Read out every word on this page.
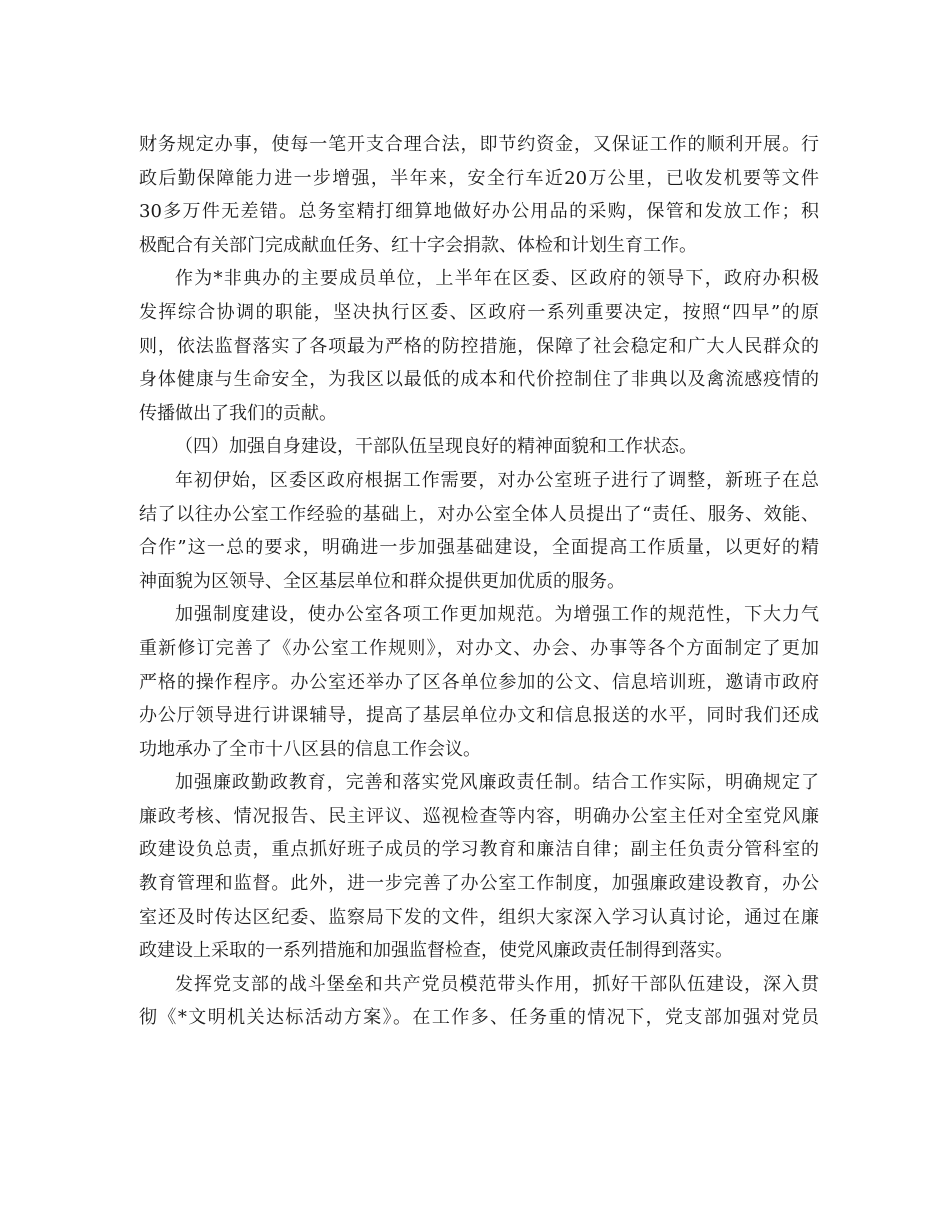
财务规定办事，使每一笔开支合理合法，即节约资金，又保证工作的顺利开展。行
政后勤保障能力进一步增强，半年来，安全行车近20万公里，已收发机要等文件
30多万件无差错。总务室精打细算地做好办公用品的采购，保管和发放工作；积
极配合有关部门完成献血任务、红十字会捐款、体检和计划生育工作。
作为*非典办的主要成员单位，上半年在区委、区政府的领导下，政府办积极
发挥综合协调的职能，坚决执行区委、区政府一系列重要决定，按照“四早”的原
则，依法监督落实了各项最为严格的防控措施，保障了社会稳定和广大人民群众的
身体健康与生命安全，为我区以最低的成本和代价控制住了非典以及禽流感疫情的
传播做出了我们的贡献。
（四）加强自身建设，干部队伍呈现良好的精神面貌和工作状态。
年初伊始，区委区政府根据工作需要，对办公室班子进行了调整，新班子在总
结了以往办公室工作经验的基础上，对办公室全体人员提出了“责任、服务、效能、
合作”这一总的要求，明确进一步加强基础建设，全面提高工作质量，以更好的精
神面貌为区领导、全区基层单位和群众提供更加优质的服务。
加强制度建设，使办公室各项工作更加规范。为增强工作的规范性，下大力气
重新修订完善了《办公室工作规则》，对办文、办会、办事等各个方面制定了更加
严格的操作程序。办公室还举办了区各单位参加的公文、信息培训班，邀请市政府
办公厅领导进行讲课辅导，提高了基层单位办文和信息报送的水平，同时我们还成
功地承办了全市十八区县的信息工作会议。
加强廉政勤政教育，完善和落实党风廉政责任制。结合工作实际，明确规定了
廉政考核、情况报告、民主评议、巡视检查等内容，明确办公室主任对全室党风廉
政建设负总责，重点抓好班子成员的学习教育和廉洁自律；副主任负责分管科室的
教育管理和监督。此外，进一步完善了办公室工作制度，加强廉政建设教育，办公
室还及时传达区纪委、监察局下发的文件，组织大家深入学习认真讨论，通过在廉
政建设上采取的一系列措施和加强监督检查，使党风廉政责任制得到落实。
发挥党支部的战斗堡垒和共产党员模范带头作用，抓好干部队伍建设，深入贯
彻《*文明机关达标活动方案》。在工作多、任务重的情况下，党支部加强对党员
